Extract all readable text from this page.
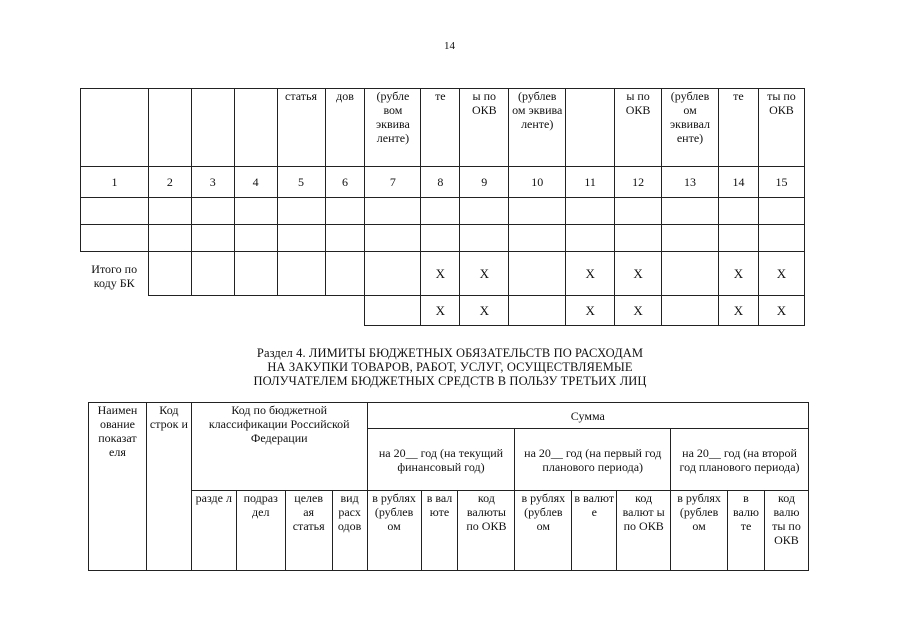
14
				статья	дов	(рубле вом эквива ленте)	те	ы по ОКВ	(рублев ом эквива ленте)		ы по ОКВ	(рублев ом эквивал енте)	те	ты по ОКВ
1	2	3	4	5	6	7	8	9	10	11	12	13	14	15

Итого по коду БК							X	X		X	X		X	X
							X	X		X	X		X	X
Раздел 4. ЛИМИТЫ БЮДЖЕТНЫХ ОБЯЗАТЕЛЬСТВ ПО РАСХОДАМ
НА ЗАКУПКИ ТОВАРОВ, РАБОТ, УСЛУГ, ОСУЩЕСТВЛЯЕМЫЕ
ПОЛУЧАТЕЛЕМ БЮДЖЕТНЫХ СРЕДСТВ В ПОЛЬЗУ ТРЕТЬИХ ЛИЦ
Наимен ование показат еля	Код строк и	Код по бюджетной классификации Российской Федерации				Сумма								
						на 20__ год (на текущий финансовый год)			на 20__ год (на первый год планового периода)			на 20__ год (на второй год планового периода)		
		разде л	подраз дел	целев ая статья	вид расх одов	в рублях (рублев ом	в вал юте	код валюты по ОКВ	в рублях (рублев ом	в валют е	код валют ы по ОКВ	в рублях (рублев ом	в валю те	код валю ты по ОКВ
